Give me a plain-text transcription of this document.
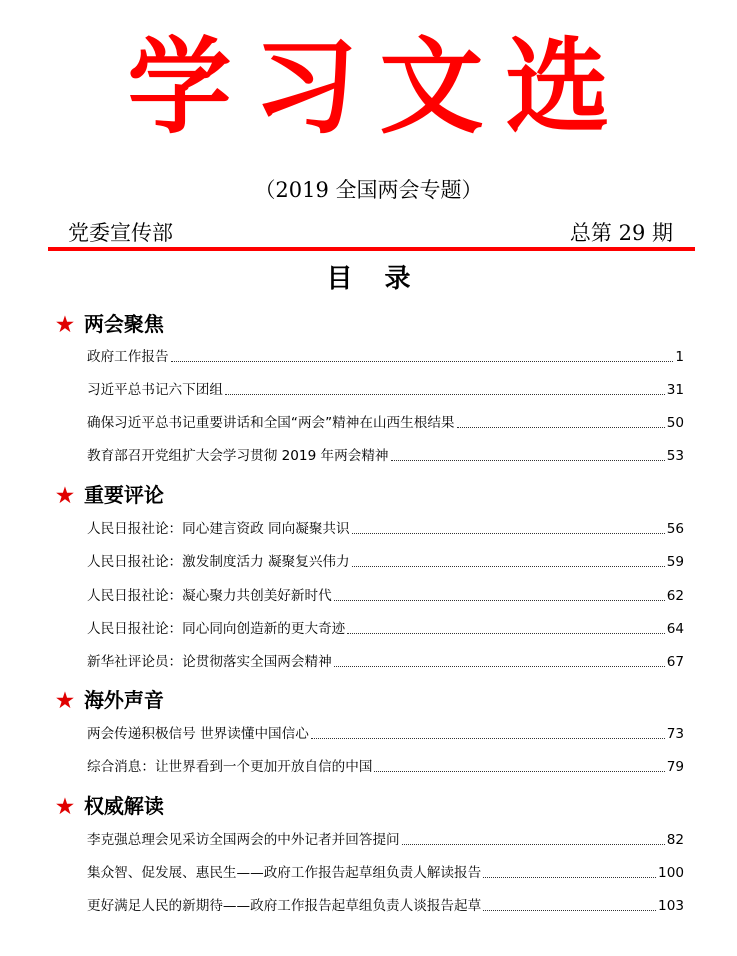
学习文选
（2019 全国两会专题）
党委宣传部	总第 29 期
目录
★ 两会聚焦
政府工作报告	1
习近平总书记六下团组	31
确保习近平总书记重要讲话和全国“两会”精神在山西生根结果	50
教育部召开党组扩大会学习贯彻 2019 年两会精神	53
★ 重要评论
人民日报社论：同心建言资政 同向凝聚共识	56
人民日报社论：激发制度活力 凝聚复兴伟力	59
人民日报社论：凝心聚力共创美好新时代	62
人民日报社论：同心同向创造新的更大奇迹	64
新华社评论员：论贯彻落实全国两会精神	67
★ 海外声音
两会传递积极信号 世界读懂中国信心	73
综合消息：让世界看到一个更加开放自信的中国	79
★ 权威解读
李克强总理会见采访全国两会的中外记者并回答提问	82
集众智、促发展、惠民生——政府工作报告起草组负责人解读报告	100
更好满足人民的新期待——政府工作报告起草组负责人谈报告起草	103
